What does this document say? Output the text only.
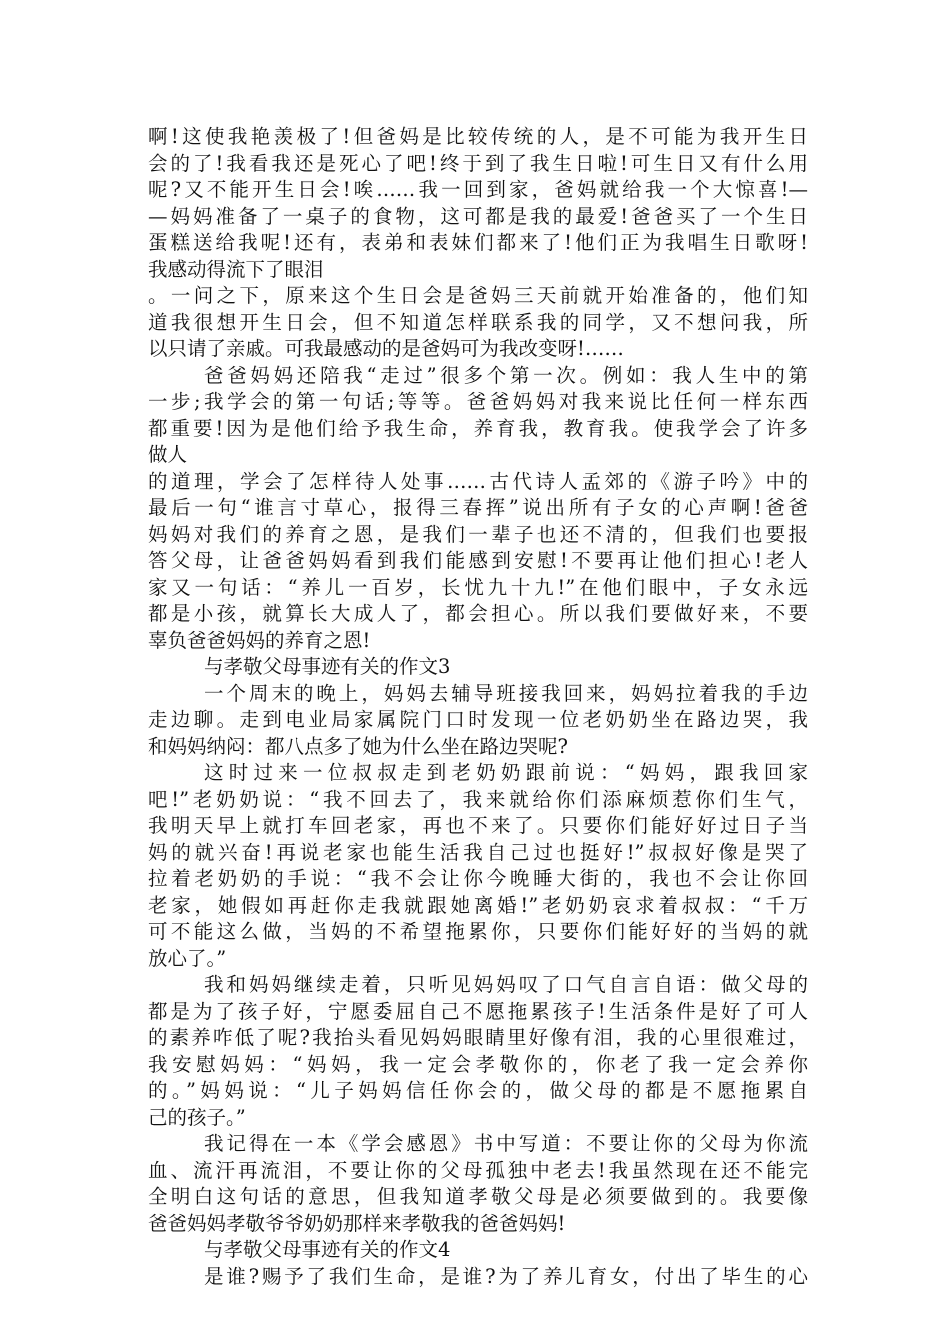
啊!这使我艳羡极了!但爸妈是比较传统的人，是不可能为我开生日
会的了!我看我还是死心了吧!终于到了我生日啦!可生日又有什么用
呢?又不能开生日会!唉……我一回到家，爸妈就给我一个大惊喜!—
—妈妈准备了一桌子的食物，这可都是我的最爱!爸爸买了一个生日
蛋糕送给我呢!还有，表弟和表妹们都来了!他们正为我唱生日歌呀!
我感动得流下了眼泪
。一问之下，原来这个生日会是爸妈三天前就开始准备的，他们知
道我很想开生日会，但不知道怎样联系我的同学，又不想问我，所
以只请了亲戚。可我最感动的是爸妈可为我改变呀!……
爸爸妈妈还陪我“走过”很多个第一次。例如：我人生中的第
一步;我学会的第一句话;等等。爸爸妈妈对我来说比任何一样东西
都重要!因为是他们给予我生命，养育我，教育我。使我学会了许多
做人
的道理，学会了怎样待人处事……古代诗人孟郊的《游子吟》中的
最后一句“谁言寸草心，报得三春挥”说出所有子女的心声啊!爸爸
妈妈对我们的养育之恩，是我们一辈子也还不清的，但我们也要报
答父母，让爸爸妈妈看到我们能感到安慰!不要再让他们担心!老人
家又一句话：“养儿一百岁，长忧九十九!”在他们眼中，子女永远
都是小孩，就算长大成人了，都会担心。所以我们要做好来，不要
辜负爸爸妈妈的养育之恩!
与孝敬父母事迹有关的作文3
一个周末的晚上，妈妈去辅导班接我回来，妈妈拉着我的手边
走边聊。走到电业局家属院门口时发现一位老奶奶坐在路边哭，我
和妈妈纳闷：都八点多了她为什么坐在路边哭呢?
这时过来一位叔叔走到老奶奶跟前说：“妈妈，跟我回家
吧!”老奶奶说：“我不回去了，我来就给你们添麻烦惹你们生气，
我明天早上就打车回老家，再也不来了。只要你们能好好过日子当
妈的就兴奋!再说老家也能生活我自己过也挺好!”叔叔好像是哭了
拉着老奶奶的手说：“我不会让你今晚睡大街的，我也不会让你回
老家，她假如再赶你走我就跟她离婚!”老奶奶哀求着叔叔：“千万
可不能这么做，当妈的不希望拖累你，只要你们能好好的当妈的就
放心了。”
我和妈妈继续走着，只听见妈妈叹了口气自言自语：做父母的
都是为了孩子好，宁愿委屈自己不愿拖累孩子!生活条件是好了可人
的素养咋低了呢?我抬头看见妈妈眼睛里好像有泪，我的心里很难过，
我安慰妈妈：“妈妈，我一定会孝敬你的，你老了我一定会养你
的。”妈妈说：“儿子妈妈信任你会的，做父母的都是不愿拖累自
己的孩子。”
我记得在一本《学会感恩》书中写道：不要让你的父母为你流
血、流汗再流泪，不要让你的父母孤独中老去!我虽然现在还不能完
全明白这句话的意思，但我知道孝敬父母是必须要做到的。我要像
爸爸妈妈孝敬爷爷奶奶那样来孝敬我的爸爸妈妈!
与孝敬父母事迹有关的作文4
是谁?赐予了我们生命，是谁?为了养儿育女，付出了毕生的心
